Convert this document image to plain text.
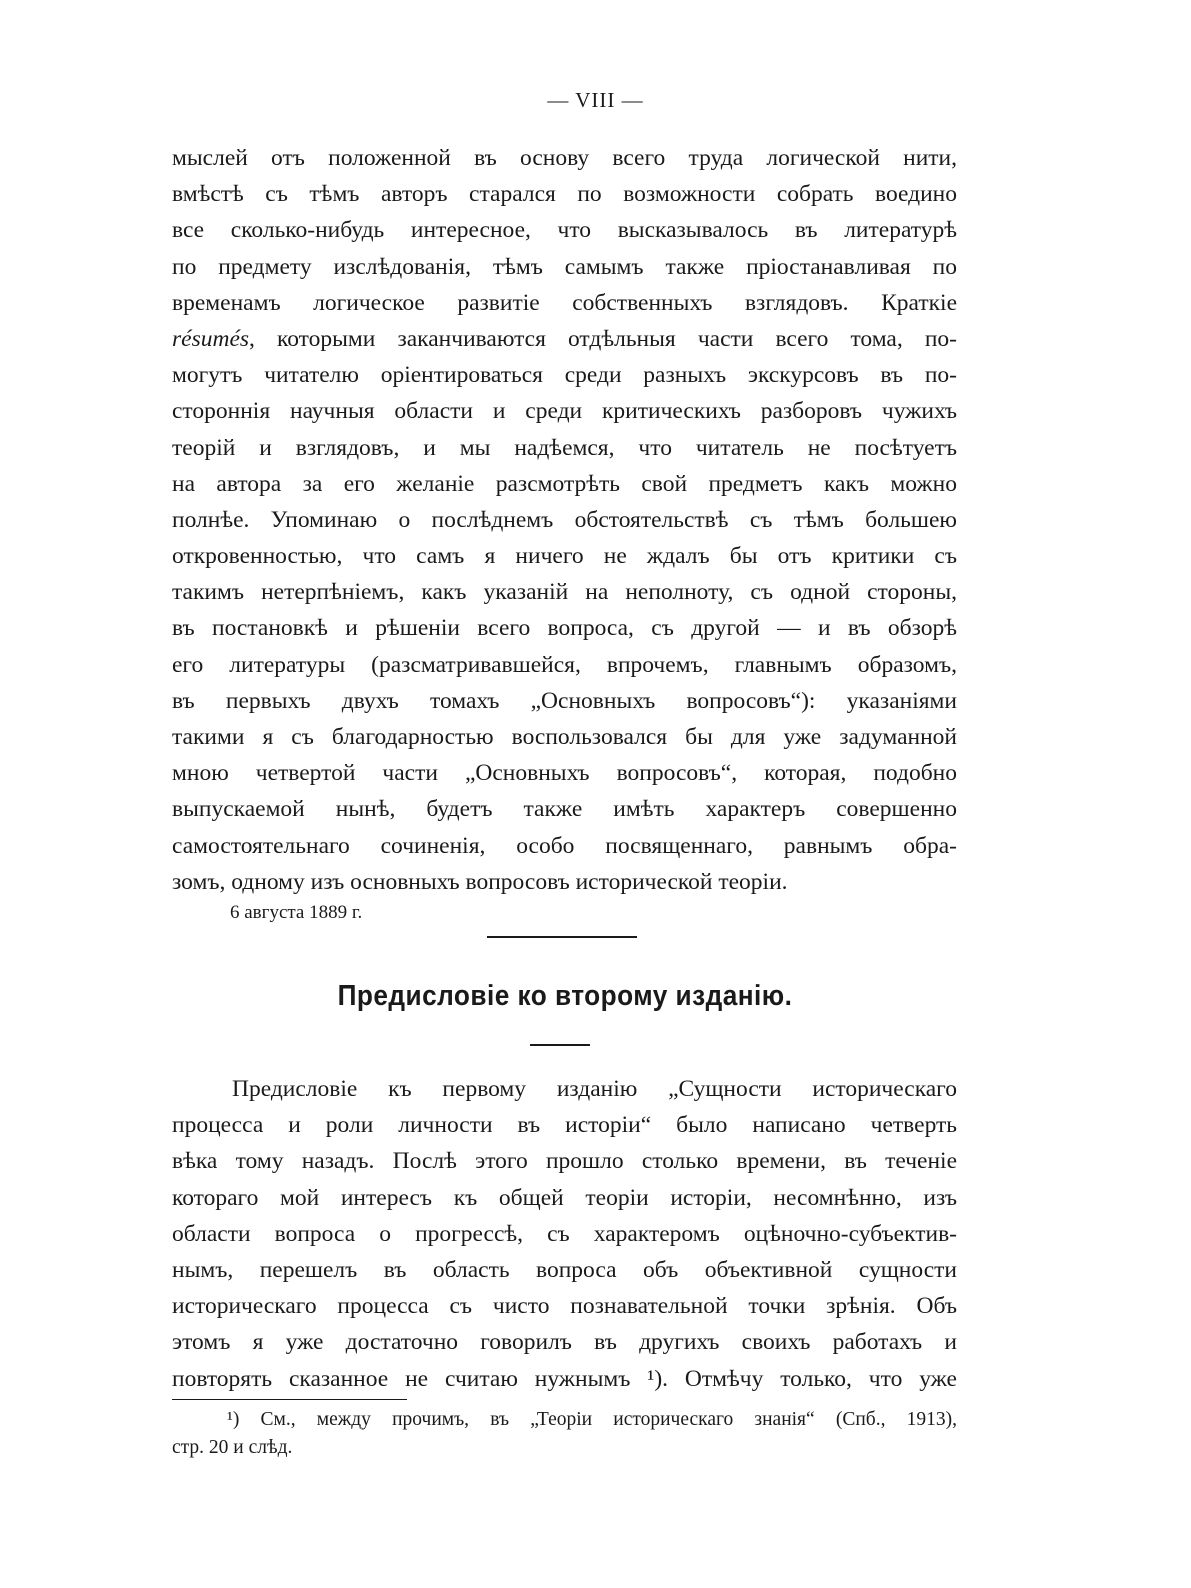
— VIII —
мыслей отъ положенной въ основу всего труда логической нити,
вмѣстѣ съ тѣмъ авторъ старался по возможности собрать воедино
все сколько-нибудь интересное, что высказывалось въ литературѣ
по предмету изслѣдованія, тѣмъ самымъ также пріостанавливая по
временамъ логическое развитіе собственныхъ взглядовъ. Краткіе
résumés, которыми заканчиваются отдѣльныя части всего тома, по-
могутъ читателю оріентироваться среди разныхъ экскурсовъ въ по-
стороннія научныя области и среди критическихъ разборовъ чужихъ
теорій и взглядовъ, и мы надѣемся, что читатель не посѣтуетъ
на автора за его желаніе разсмотрѣть свой предметъ какъ можно
полнѣе. Упоминаю о послѣднемъ обстоятельствѣ съ тѣмъ большею
откровенностью, что самъ я ничего не ждалъ бы отъ критики съ
такимъ нетерпѣніемъ, какъ указаній на неполноту, съ одной стороны,
въ постановкѣ и рѣшеніи всего вопроса, съ другой — и въ обзорѣ
его литературы (разсматривавшейся, впрочемъ, главнымъ образомъ,
въ первыхъ двухъ томахъ „Основныхъ вопросовъ“): указаніями
такими я съ благодарностью воспользовался бы для уже задуманной
мною четвертой части „Основныхъ вопросовъ“, которая, подобно
выпускаемой нынѣ, будетъ также имѣть характеръ совершенно
самостоятельнаго сочиненія, особо посвященнаго, равнымъ обра-
зомъ, одному изъ основныхъ вопросовъ исторической теоріи.
6 августа 1889 г.
Предисловіе ко второму изданію.
Предисловіе къ первому изданію „Сущности историческаго
процесса и роли личности въ исторіи“ было написано четверть
вѣка тому назадъ. Послѣ этого прошло столько времени, въ теченіе
котораго мой интересъ къ общей теоріи исторіи, несомнѣнно, изъ
области вопроса о прогрессѣ, съ характеромъ оцѣночно-субъектив-
нымъ, перешелъ въ область вопроса объ объективной сущности
историческаго процесса съ чисто познавательной точки зрѣнія. Объ
этомъ я уже достаточно говорилъ въ другихъ своихъ работахъ и
повторять сказанное не считаю нужнымъ ¹). Отмѣчу только, что уже
¹) См., между прочимъ, въ „Теоріи историческаго знанія“ (Спб., 1913),
стр. 20 и слѣд.
